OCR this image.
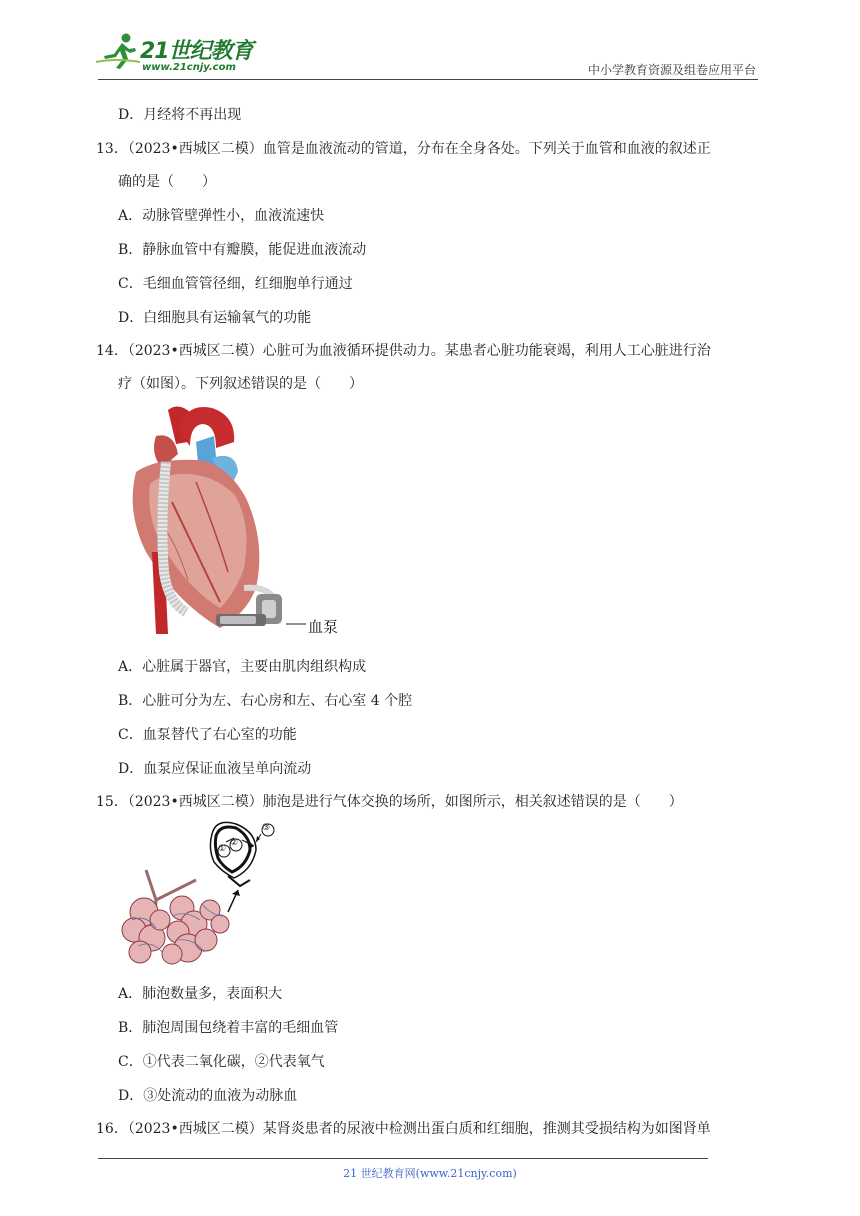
21世纪教育
www.21cnjy.com	中小学教育资源及组卷应用平台
D．月经将不再出现
13．（2023•西城区二模）血管是血液流动的管道，分布在全身各处。下列关于血管和血液的叙述正
确的是（　　）
A．动脉管壁弹性小，血液流速快
B．静脉血管中有瓣膜，能促进血液流动
C．毛细血管管径细，红细胞单行通过
D．白细胞具有运输氧气的功能
14．（2023•西城区二模）心脏可为血液循环提供动力。某患者心脏功能衰竭，利用人工心脏进行治
疗（如图）。下列叙述错误的是（　　）
血泵
A．心脏属于器官，主要由肌肉组织构成
B．心脏可分为左、右心房和左、右心室 4 个腔
C．血泵替代了右心室的功能
D．血泵应保证血液呈单向流动
15．（2023•西城区二模）肺泡是进行气体交换的场所，如图所示，相关叙述错误的是（　　）
①
②
③
A．肺泡数量多，表面积大
B．肺泡周围包绕着丰富的毛细血管
C．①代表二氧化碳，②代表氧气
D．③处流动的血液为动脉血
16．（2023•西城区二模）某肾炎患者的尿液中检测出蛋白质和红细胞，推测其受损结构为如图肾单
21 世纪教育网(www.21cnjy.com)
